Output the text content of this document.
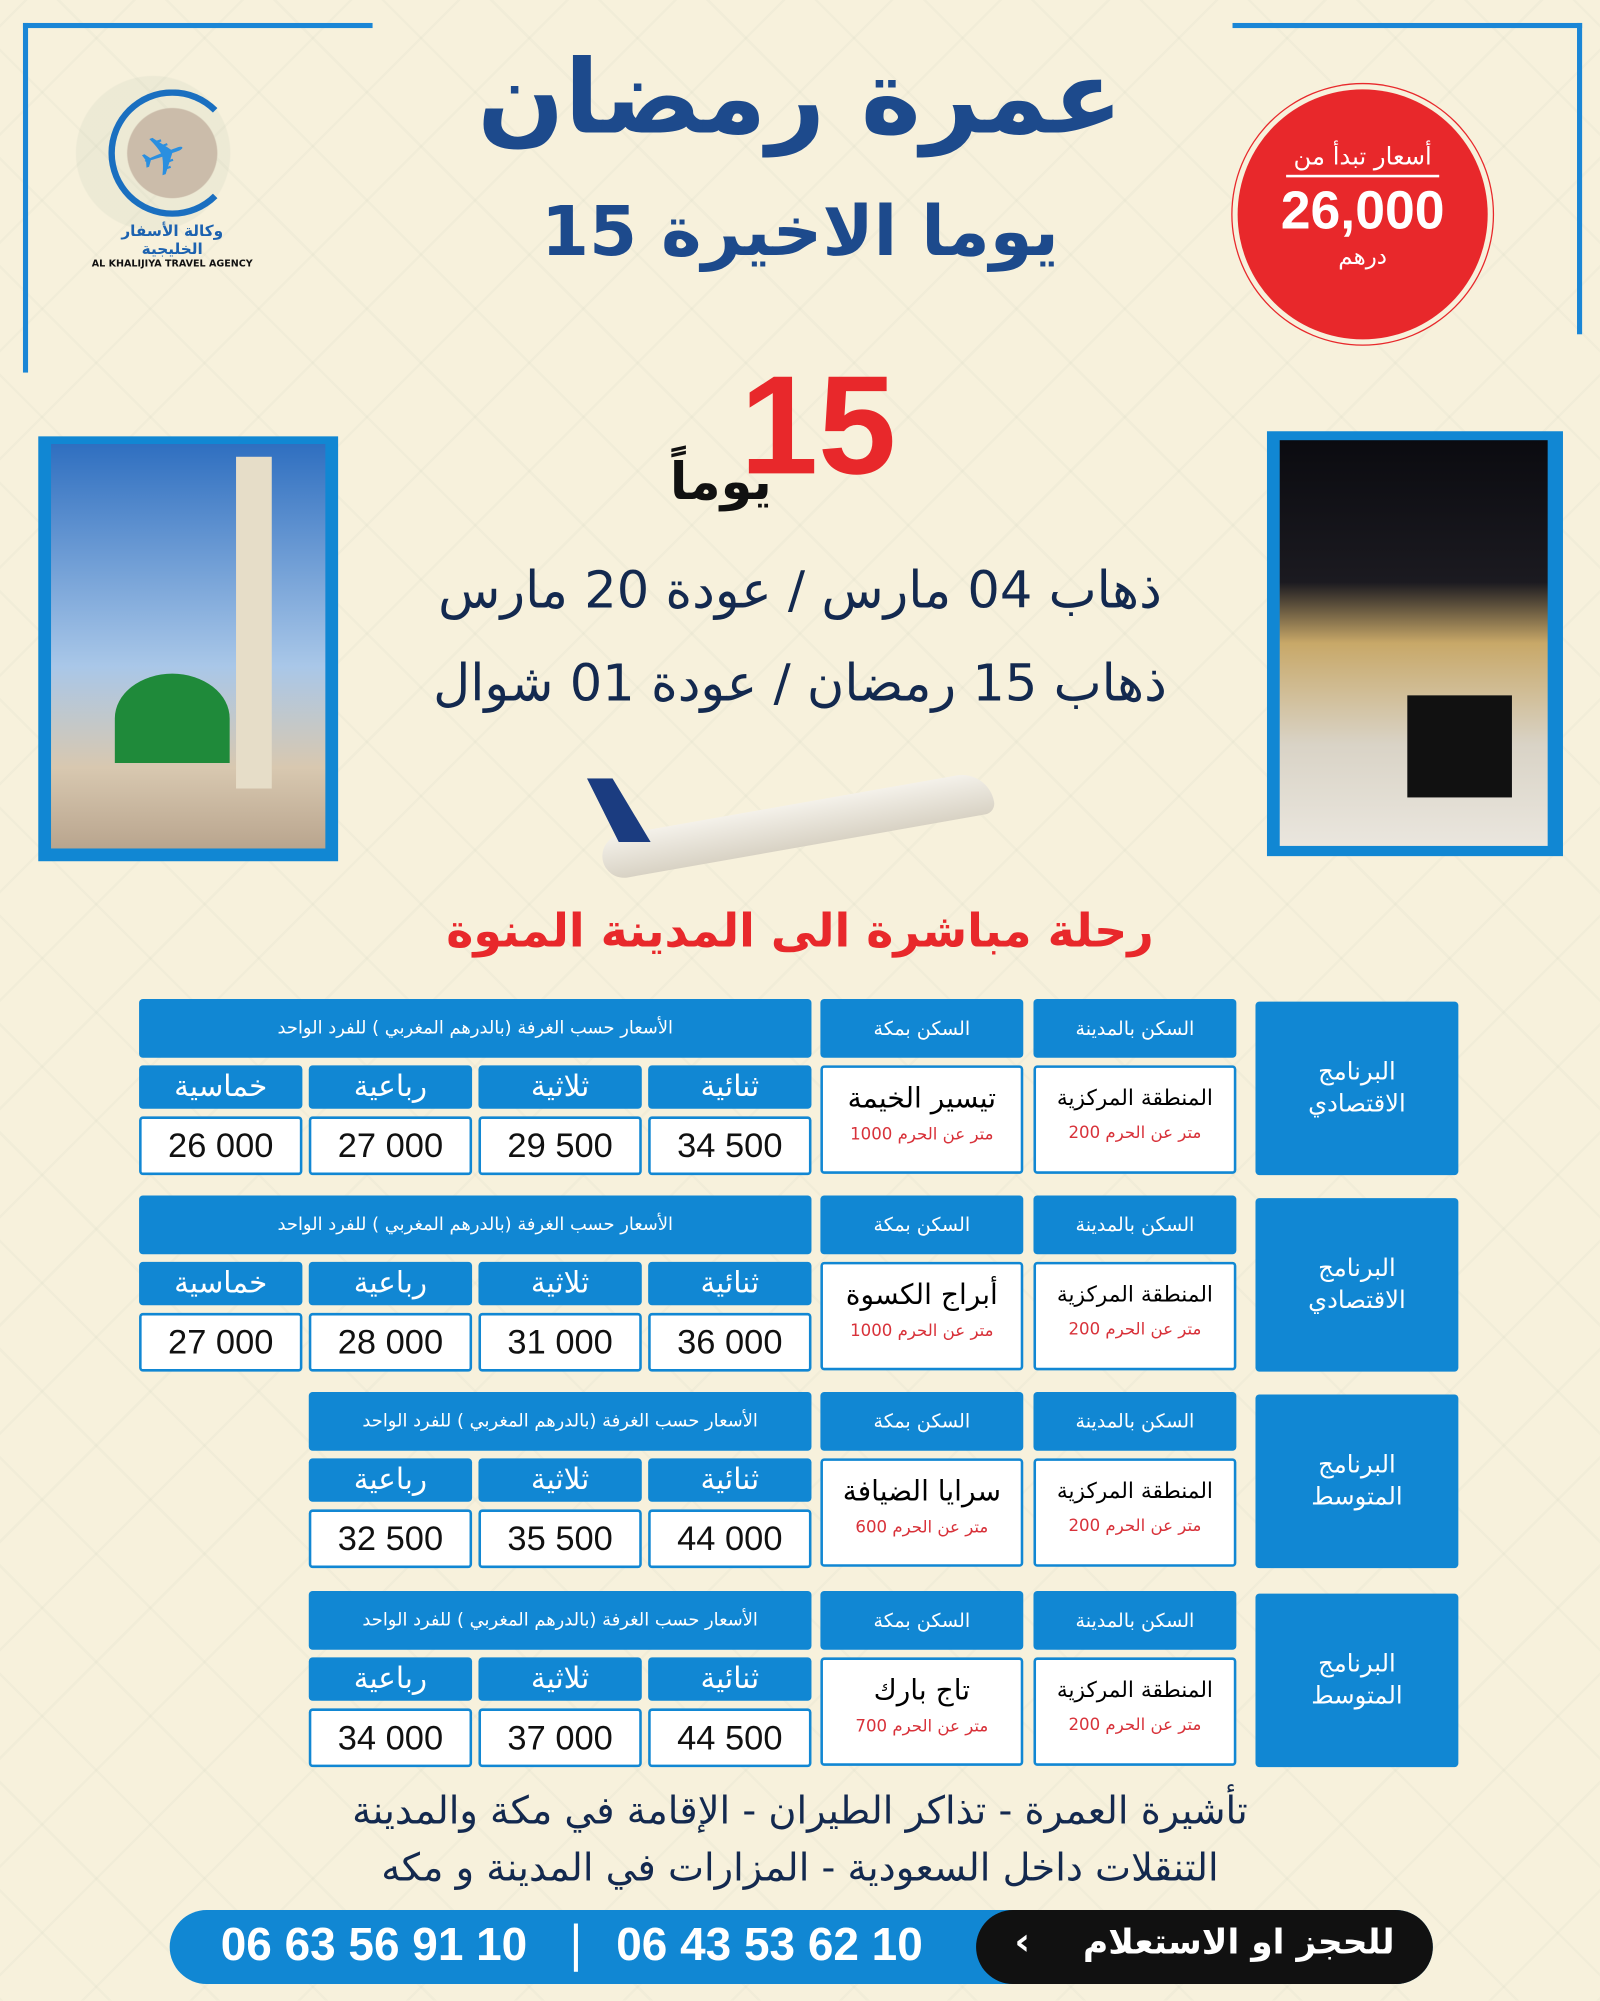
✈
وكالة الأسفار الخليجية
AL KHALIJIYA TRAVEL AGENCY
عمرة رمضان
15 يوما الاخيرة
أسعار تبدأ من
26,000
درهم
15
يوماً
ذهاب 04 مارس / عودة 20 مارس
ذهاب 15 رمضان / عودة 01 شوال
رحلة مباشرة الى المدينة المنوة
البرنامج الاقتصادي
السكن بالمدينة
المنطقة المركزية
200 متر عن الحرم
السكن بمكة
تيسير الخيمة
1000 متر عن الحرم
الأسعار حسب الغرفة (بالدرهم المغربي ) للفرد الواحد
ثنائية
34 500
ثلاثية
29 500
رباعية
27 000
خماسية
26 000
البرنامج الاقتصادي
السكن بالمدينة
المنطقة المركزية
200 متر عن الحرم
السكن بمكة
أبراج الكسوة
1000 متر عن الحرم
الأسعار حسب الغرفة (بالدرهم المغربي ) للفرد الواحد
ثنائية
36 000
ثلاثية
31 000
رباعية
28 000
خماسية
27 000
البرنامج المتوسط
السكن بالمدينة
المنطقة المركزية
200 متر عن الحرم
السكن بمكة
سرايا الضيافة
600 متر عن الحرم
الأسعار حسب الغرفة (بالدرهم المغربي ) للفرد الواحد
ثنائية
44 000
ثلاثية
35 500
رباعية
32 500
البرنامج المتوسط
السكن بالمدينة
المنطقة المركزية
200 متر عن الحرم
السكن بمكة
تاج بارك
700 متر عن الحرم
الأسعار حسب الغرفة (بالدرهم المغربي ) للفرد الواحد
ثنائية
44 500
ثلاثية
37 000
رباعية
34 000
تأشيرة العمرة - تذاكر الطيران - الإقامة في مكة والمدينة
التنقلات داخل السعودية - المزارات في المدينة و مكه
06 63 56 91 10 | 06 43 53 62 10	‹ للحجز او الاستعلام
